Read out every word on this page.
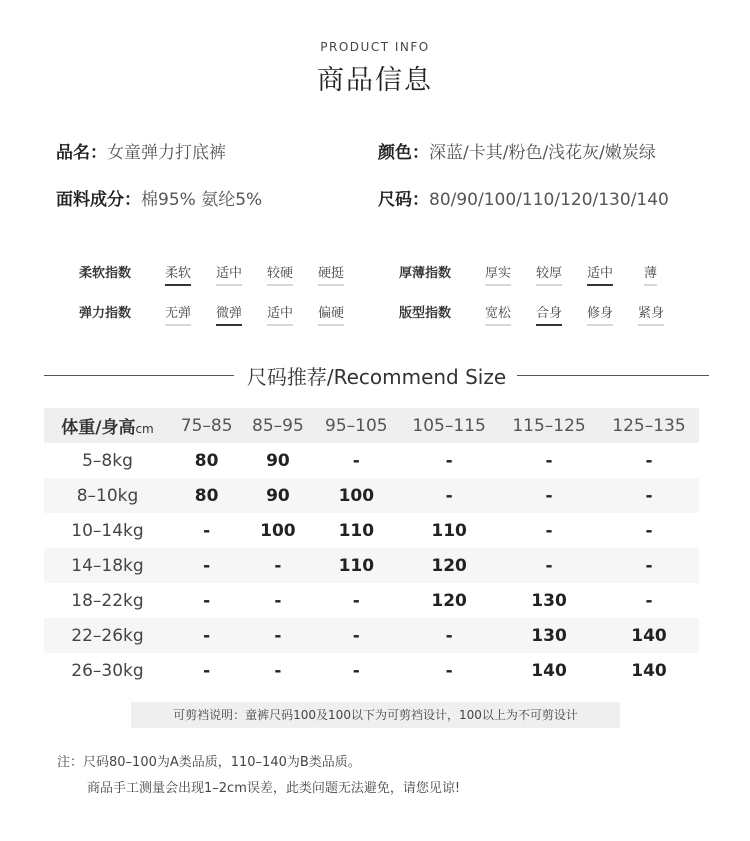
PRODUCT INFO
商品信息
品名：女童弹力打底裤	颜色：深蓝/卡其/粉色/浅花灰/嫩炭绿
面料成分：棉95% 氨纶5%	尺码：80/90/100/110/120/130/140
柔软指数	柔软 适中 较硬 硬挺	厚薄指数	厚实 较厚 适中 薄
弹力指数	无弹 微弹 适中 偏硬	版型指数	宽松 合身 修身 紧身
尺码推荐/Recommend Size
体重/身高cm	75–85	85–95	95–105	105–115	115–125	125–135
5–8kg	80	90	-	-	-	-
8–10kg	80	90	100	-	-	-
10–14kg	-	100	110	110	-	-
14–18kg	-	-	110	120	-	-
18–22kg	-	-	-	120	130	-
22–26kg	-	-	-	-	130	140
26–30kg	-	-	-	-	140	140
可剪裆说明：童裤尺码100及100以下为可剪裆设计，100以上为不可剪设计
注：尺码80–100为A类品质，110–140为B类品质。
商品手工测量会出现1–2cm误差，此类问题无法避免，请您见谅!
